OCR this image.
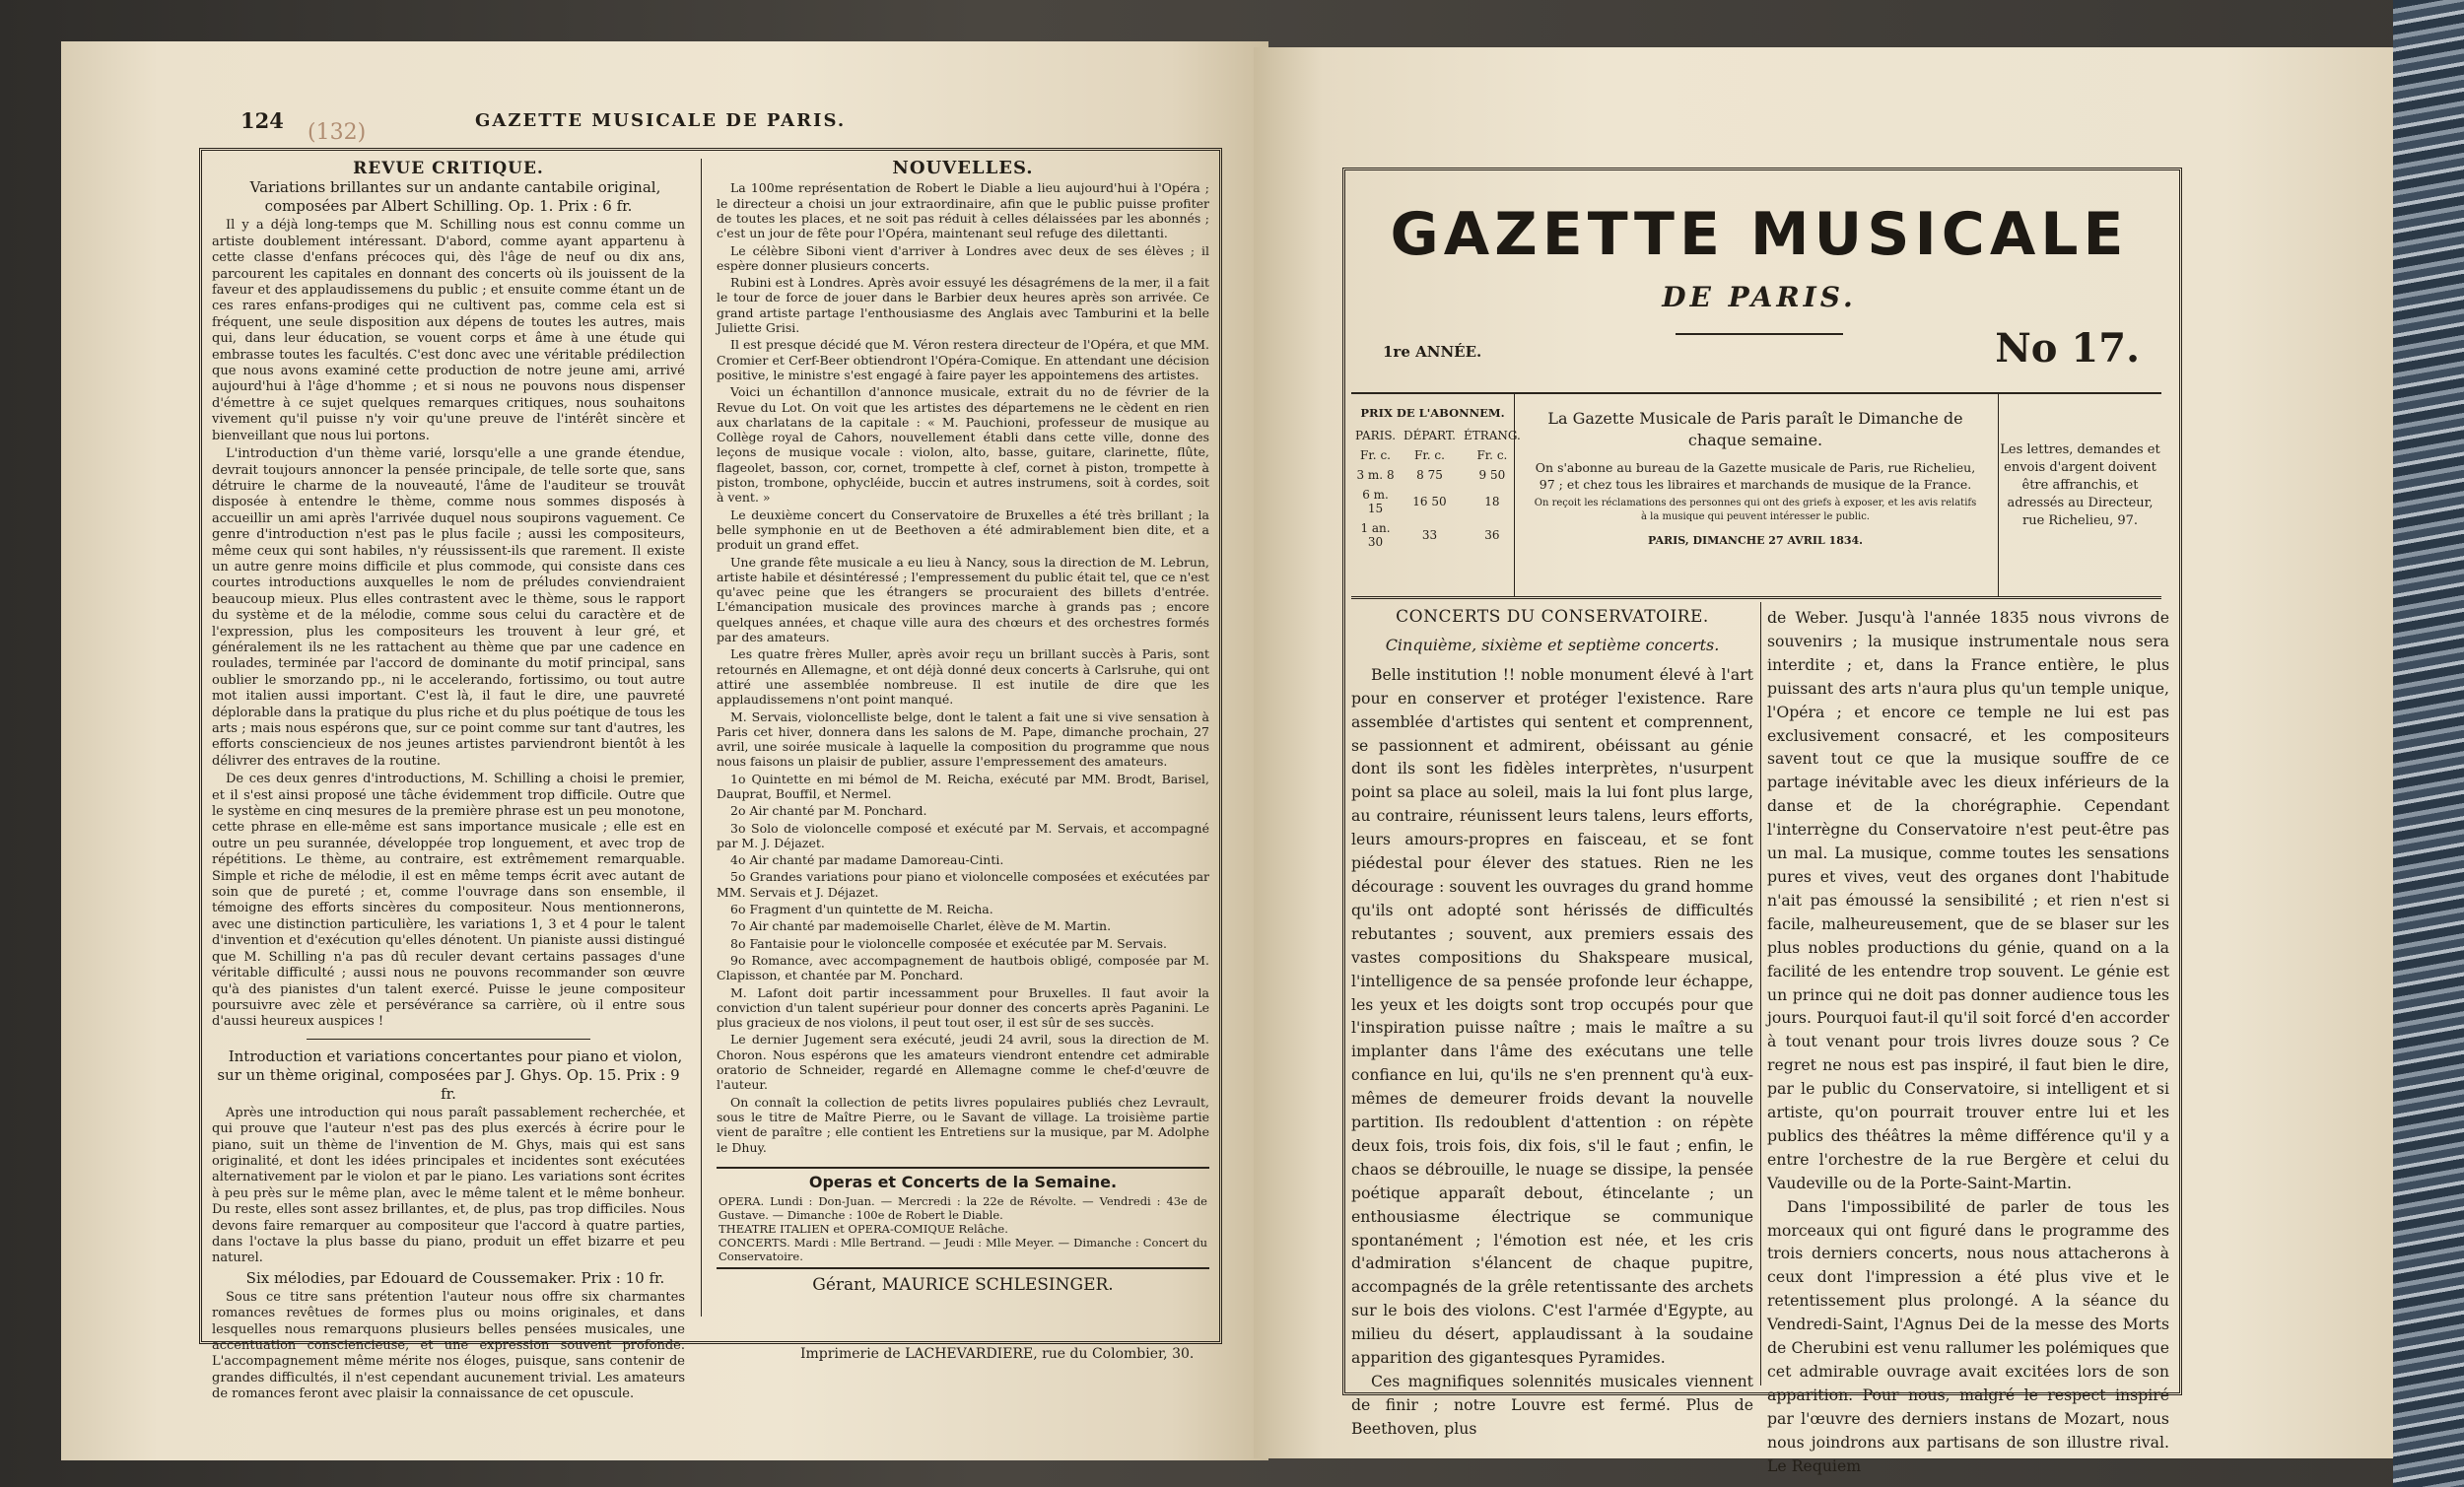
(132)
124	GAZETTE MUSICALE DE PARIS.
REVUE CRITIQUE.

Variations brillantes sur un andante cantabile original, composées par Albert Schilling. Op. 1. Prix : 6 fr.

Il y a déjà long-temps que M. Schilling nous est connu comme un artiste doublement intéressant. D'abord, comme ayant appartenu à cette classe d'enfans précoces qui, dès l'âge de neuf ou dix ans, parcourent les capitales en donnant des concerts où ils jouissent de la faveur et des applaudissemens du public ; et ensuite comme étant un de ces rares enfans-prodiges qui ne cultivent pas, comme cela est si fréquent, une seule disposition aux dépens de toutes les autres, mais qui, dans leur éducation, se vouent corps et âme à une étude qui embrasse toutes les facultés. C'est donc avec une véritable prédilection que nous avons examiné cette production de notre jeune ami, arrivé aujourd'hui à l'âge d'homme ; et si nous ne pouvons nous dispenser d'émettre à ce sujet quelques remarques critiques, nous souhaitons vivement qu'il puisse n'y voir qu'une preuve de l'intérêt sincère et bienveillant que nous lui portons.

L'introduction d'un thème varié, lorsqu'elle a une grande étendue, devrait toujours annoncer la pensée principale, de telle sorte que, sans détruire le charme de la nouveauté, l'âme de l'auditeur se trouvât disposée à entendre le thème, comme nous sommes disposés à accueillir un ami après l'arrivée duquel nous soupirons vaguement. Ce genre d'introduction n'est pas le plus facile ; aussi les compositeurs, même ceux qui sont habiles, n'y réussissent-ils que rarement. Il existe un autre genre moins difficile et plus commode, qui consiste dans ces courtes introductions auxquelles le nom de préludes conviendraient beaucoup mieux. Plus elles contrastent avec le thème, sous le rapport du système et de la mélodie, comme sous celui du caractère et de l'expression, plus les compositeurs les trouvent à leur gré, et généralement ils ne les rattachent au thème que par une cadence en roulades, terminée par l'accord de dominante du motif principal, sans oublier le smorzando pp., ni le accelerando, fortissimo, ou tout autre mot italien aussi important. C'est là, il faut le dire, une pauvreté déplorable dans la pratique du plus riche et du plus poétique de tous les arts ; mais nous espérons que, sur ce point comme sur tant d'autres, les efforts consciencieux de nos jeunes artistes parviendront bientôt à les délivrer des entraves de la routine.

De ces deux genres d'introductions, M. Schilling a choisi le premier, et il s'est ainsi proposé une tâche évidemment trop difficile. Outre que le système en cinq mesures de la première phrase est un peu monotone, cette phrase en elle-même est sans importance musicale ; elle est en outre un peu surannée, développée trop longuement, et avec trop de répétitions. Le thème, au contraire, est extrêmement remarquable. Simple et riche de mélodie, il est en même temps écrit avec autant de soin que de pureté ; et, comme l'ouvrage dans son ensemble, il témoigne des efforts sincères du compositeur. Nous mentionnerons, avec une distinction particulière, les variations 1, 3 et 4 pour le talent d'invention et d'exécution qu'elles dénotent. Un pianiste aussi distingué que M. Schilling n'a pas dû reculer devant certains passages d'une véritable difficulté ; aussi nous ne pouvons recommander son œuvre qu'à des pianistes d'un talent exercé. Puisse le jeune compositeur poursuivre avec zèle et persévérance sa carrière, où il entre sous d'aussi heureux auspices !

Introduction et variations concertantes pour piano et violon, sur un thème original, composées par J. Ghys. Op. 15. Prix : 9 fr.

Après une introduction qui nous paraît passablement recherchée, et qui prouve que l'auteur n'est pas des plus exercés à écrire pour le piano, suit un thème de l'invention de M. Ghys, mais qui est sans originalité, et dont les idées principales et incidentes sont exécutées alternativement par le violon et par le piano. Les variations sont écrites à peu près sur le même plan, avec le même talent et le même bonheur. Du reste, elles sont assez brillantes, et, de plus, pas trop difficiles. Nous devons faire remarquer au compositeur que l'accord à quatre parties, dans l'octave la plus basse du piano, produit un effet bizarre et peu naturel.

Six mélodies, par Edouard de Coussemaker. Prix : 10 fr.

Sous ce titre sans prétention l'auteur nous offre six charmantes romances revêtues de formes plus ou moins originales, et dans lesquelles nous remarquons plusieurs belles pensées musicales, une accentuation consciencieuse, et une expression souvent profonde. L'accompagnement même mérite nos éloges, puisque, sans contenir de grandes difficultés, il n'est cependant aucunement trivial. Les amateurs de romances feront avec plaisir la connaissance de cet opuscule.

NOUVELLES.

La 100me représentation de Robert le Diable a lieu aujourd'hui à l'Opéra ; le directeur a choisi un jour extraordinaire, afin que le public puisse profiter de toutes les places, et ne soit pas réduit à celles délaissées par les abonnés ; c'est un jour de fête pour l'Opéra, maintenant seul refuge des dilettanti.

Le célèbre Siboni vient d'arriver à Londres avec deux de ses élèves ; il espère donner plusieurs concerts.

Rubini est à Londres. Après avoir essuyé les désagrémens de la mer, il a fait le tour de force de jouer dans le Barbier deux heures après son arrivée. Ce grand artiste partage l'enthousiasme des Anglais avec Tamburini et la belle Juliette Grisi.

Il est presque décidé que M. Véron restera directeur de l'Opéra, et que MM. Cromier et Cerf-Beer obtiendront l'Opéra-Comique. En attendant une décision positive, le ministre s'est engagé à faire payer les appointemens des artistes.

Voici un échantillon d'annonce musicale, extrait du no de février de la Revue du Lot. On voit que les artistes des départemens ne le cèdent en rien aux charlatans de la capitale : « M. Pauchioni, professeur de musique au Collège royal de Cahors, nouvellement établi dans cette ville, donne des leçons de musique vocale : violon, alto, basse, guitare, clarinette, flûte, flageolet, basson, cor, cornet, trompette à clef, cornet à piston, trompette à piston, trombone, ophycléide, buccin et autres instrumens, soit à cordes, soit à vent. »

Le deuxième concert du Conservatoire de Bruxelles a été très brillant ; la belle symphonie en ut de Beethoven a été admirablement bien dite, et a produit un grand effet.

Une grande fête musicale a eu lieu à Nancy, sous la direction de M. Lebrun, artiste habile et désintéressé ; l'empressement du public était tel, que ce n'est qu'avec peine que les étrangers se procuraient des billets d'entrée. L'émancipation musicale des provinces marche à grands pas ; encore quelques années, et chaque ville aura des chœurs et des orchestres formés par des amateurs.

Les quatre frères Muller, après avoir reçu un brillant succès à Paris, sont retournés en Allemagne, et ont déjà donné deux concerts à Carlsruhe, qui ont attiré une assemblée nombreuse. Il est inutile de dire que les applaudissemens n'ont point manqué.

M. Servais, violoncelliste belge, dont le talent a fait une si vive sensation à Paris cet hiver, donnera dans les salons de M. Pape, dimanche prochain, 27 avril, une soirée musicale à laquelle la composition du programme que nous nous faisons un plaisir de publier, assure l'empressement des amateurs.

1o Quintette en mi bémol de M. Reicha, exécuté par MM. Brodt, Barisel, Dauprat, Bouffil, et Nermel.

2o Air chanté par M. Ponchard.

3o Solo de violoncelle composé et exécuté par M. Servais, et accompagné par M. J. Déjazet.

4o Air chanté par madame Damoreau-Cinti.

5o Grandes variations pour piano et violoncelle composées et exécutées par MM. Servais et J. Déjazet.

6o Fragment d'un quintette de M. Reicha.

7o Air chanté par mademoiselle Charlet, élève de M. Martin.

8o Fantaisie pour le violoncelle composée et exécutée par M. Servais.

9o Romance, avec accompagnement de hautbois obligé, composée par M. Clapisson, et chantée par M. Ponchard.

M. Lafont doit partir incessamment pour Bruxelles. Il faut avoir la conviction d'un talent supérieur pour donner des concerts après Paganini. Le plus gracieux de nos violons, il peut tout oser, il est sûr de ses succès.

Le dernier Jugement sera exécuté, jeudi 24 avril, sous la direction de M. Choron. Nous espérons que les amateurs viendront entendre cet admirable oratorio de Schneider, regardé en Allemagne comme le chef-d'œuvre de l'auteur.

On connaît la collection de petits livres populaires publiés chez Levrault, sous le titre de Maître Pierre, ou le Savant de village. La troisième partie vient de paraître ; elle contient les Entretiens sur la musique, par M. Adolphe le Dhuy.

Operas et Concerts de la Semaine.
OPERA. Lundi : Don-Juan. — Mercredi : la 22e de Révolte. — Vendredi : 43e de Gustave. — Dimanche : 100e de Robert le Diable.
THEATRE ITALIEN et OPERA-COMIQUE Relâche.
CONCERTS. Mardi : Mlle Bertrand. — Jeudi : Mlle Meyer. — Dimanche : Concert du Conservatoire.
Gérant, MAURICE SCHLESINGER.
Imprimerie de LACHEVARDIERE, rue du Colombier, 30.
GAZETTE MUSICALE
DE PARIS.
1re ANNÉE.	No 17.
PRIX DE L'ABONNEM.
PARIS.	DÉPART.	ÉTRANG.
Fr. c.	Fr. c.	Fr. c.
3 m. 8	8 75	9 50
6 m. 15	16 50	18
1 an. 30	33	36
La Gazette Musicale de Paris paraît le Dimanche de chaque semaine.
On s'abonne au bureau de la Gazette musicale de Paris, rue Richelieu, 97 ; et chez tous les libraires et marchands de musique de la France.
On reçoit les réclamations des personnes qui ont des griefs à exposer, et les avis relatifs à la musique qui peuvent intéresser le public.
PARIS, DIMANCHE 27 AVRIL 1834.
Les lettres, demandes et envois d'argent doivent être affranchis, et adressés au Directeur, rue Richelieu, 97.
CONCERTS DU CONSERVATOIRE.
Cinquième, sixième et septième concerts.

Belle institution !! noble monument élevé à l'art pour en conserver et protéger l'existence. Rare assemblée d'artistes qui sentent et comprennent, se passionnent et admirent, obéissant au génie dont ils sont les fidèles interprètes, n'usurpent point sa place au soleil, mais la lui font plus large, au contraire, réunissent leurs talens, leurs efforts, leurs amours-propres en faisceau, et se font piédestal pour élever des statues. Rien ne les décourage : souvent les ouvrages du grand homme qu'ils ont adopté sont hérissés de difficultés rebutantes ; souvent, aux premiers essais des vastes compositions du Shakspeare musical, l'intelligence de sa pensée profonde leur échappe, les yeux et les doigts sont trop occupés pour que l'inspiration puisse naître ; mais le maître a su implanter dans l'âme des exécutans une telle confiance en lui, qu'ils ne s'en prennent qu'à eux-mêmes de demeurer froids devant la nouvelle partition. Ils redoublent d'attention : on répète deux fois, trois fois, dix fois, s'il le faut ; enfin, le chaos se débrouille, le nuage se dissipe, la pensée poétique apparaît debout, étincelante ; un enthousiasme électrique se communique spontanément ; l'émotion est née, et les cris d'admiration s'élancent de chaque pupitre, accompagnés de la grêle retentissante des archets sur le bois des violons. C'est l'armée d'Egypte, au milieu du désert, applaudissant à la soudaine apparition des gigantesques Pyramides.

Ces magnifiques solennités musicales viennent de finir ; notre Louvre est fermé. Plus de Beethoven, plus

de Weber. Jusqu'à l'année 1835 nous vivrons de souvenirs ; la musique instrumentale nous sera interdite ; et, dans la France entière, le plus puissant des arts n'aura plus qu'un temple unique, l'Opéra ; et encore ce temple ne lui est pas exclusivement consacré, et les compositeurs savent tout ce que la musique souffre de ce partage inévitable avec les dieux inférieurs de la danse et de la chorégraphie. Cependant l'interrègne du Conservatoire n'est peut-être pas un mal. La musique, comme toutes les sensations pures et vives, veut des organes dont l'habitude n'ait pas émoussé la sensibilité ; et rien n'est si facile, malheureusement, que de se blaser sur les plus nobles productions du génie, quand on a la facilité de les entendre trop souvent. Le génie est un prince qui ne doit pas donner audience tous les jours. Pourquoi faut-il qu'il soit forcé d'en accorder à tout venant pour trois livres douze sous ? Ce regret ne nous est pas inspiré, il faut bien le dire, par le public du Conservatoire, si intelligent et si artiste, qu'on pourrait trouver entre lui et les publics des théâtres la même différence qu'il y a entre l'orchestre de la rue Bergère et celui du Vaudeville ou de la Porte-Saint-Martin.

Dans l'impossibilité de parler de tous les morceaux qui ont figuré dans le programme des trois derniers concerts, nous nous attacherons à ceux dont l'impression a été plus vive et le retentissement plus prolongé. A la séance du Vendredi-Saint, l'Agnus Dei de la messe des Morts de Cherubini est venu rallumer les polémiques que cet admirable ouvrage avait excitées lors de son apparition. Pour nous, malgré le respect inspiré par l'œuvre des derniers instans de Mozart, nous nous joindrons aux partisans de son illustre rival. Le Requiem
